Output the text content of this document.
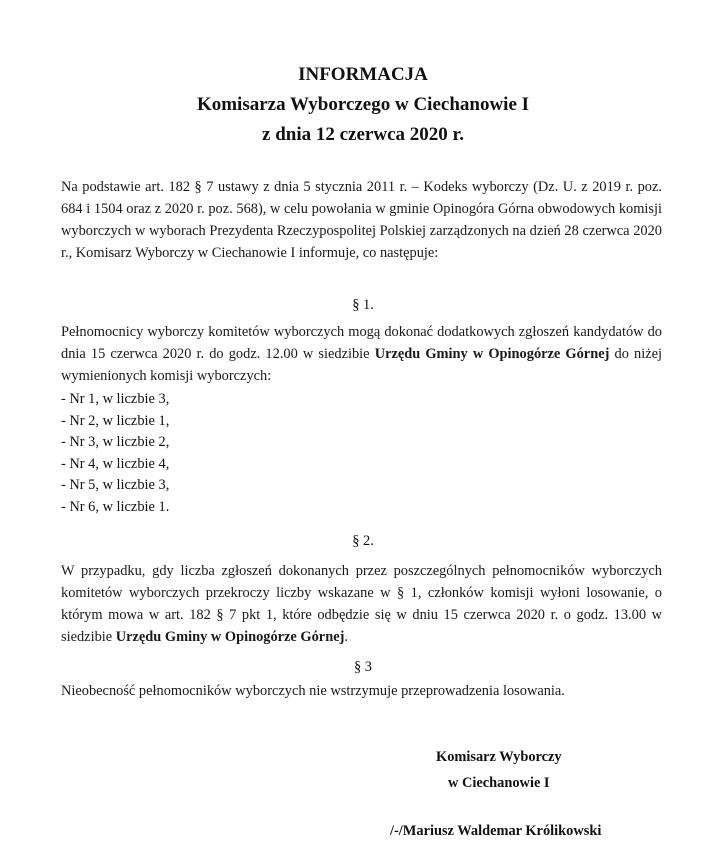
INFORMACJA
Komisarza Wyborczego w Ciechanowie I
z dnia 12 czerwca 2020 r.
Na podstawie art. 182 § 7 ustawy z dnia 5 stycznia 2011 r. – Kodeks wyborczy (Dz. U. z 2019 r. poz. 684 i 1504 oraz z 2020 r. poz. 568), w celu powołania w gminie Opinogóra Górna obwodowych komisji wyborczych w wyborach Prezydenta Rzeczypospolitej Polskiej zarządzonych na dzień 28 czerwca 2020 r., Komisarz Wyborczy w Ciechanowie I informuje, co następuje:
§ 1.
Pełnomocnicy wyborczy komitetów wyborczych mogą dokonać dodatkowych zgłoszeń kandydatów do dnia 15 czerwca 2020 r. do godz. 12.00 w siedzibie Urzędu Gminy w Opinogórze Górnej do niżej wymienionych komisji wyborczych:
- Nr 1, w liczbie 3,
- Nr 2, w liczbie 1,
- Nr 3, w liczbie 2,
- Nr 4, w liczbie 4,
- Nr 5, w liczbie 3,
- Nr 6, w liczbie 1.
§ 2.
W przypadku, gdy liczba zgłoszeń dokonanych przez poszczególnych pełnomocników wyborczych komitetów wyborczych przekroczy liczby wskazane w § 1, członków komisji wyłoni losowanie, o którym mowa w art. 182 § 7 pkt 1, które odbędzie się w dniu 15 czerwca 2020 r. o godz. 13.00 w siedzibie Urzędu Gminy w Opinogórze Górnej.
§ 3
Nieobecność pełnomocników wyborczych nie wstrzymuje przeprowadzenia losowania.
Komisarz Wyborczy
w Ciechanowie I
/-/Mariusz Waldemar Królikowski
